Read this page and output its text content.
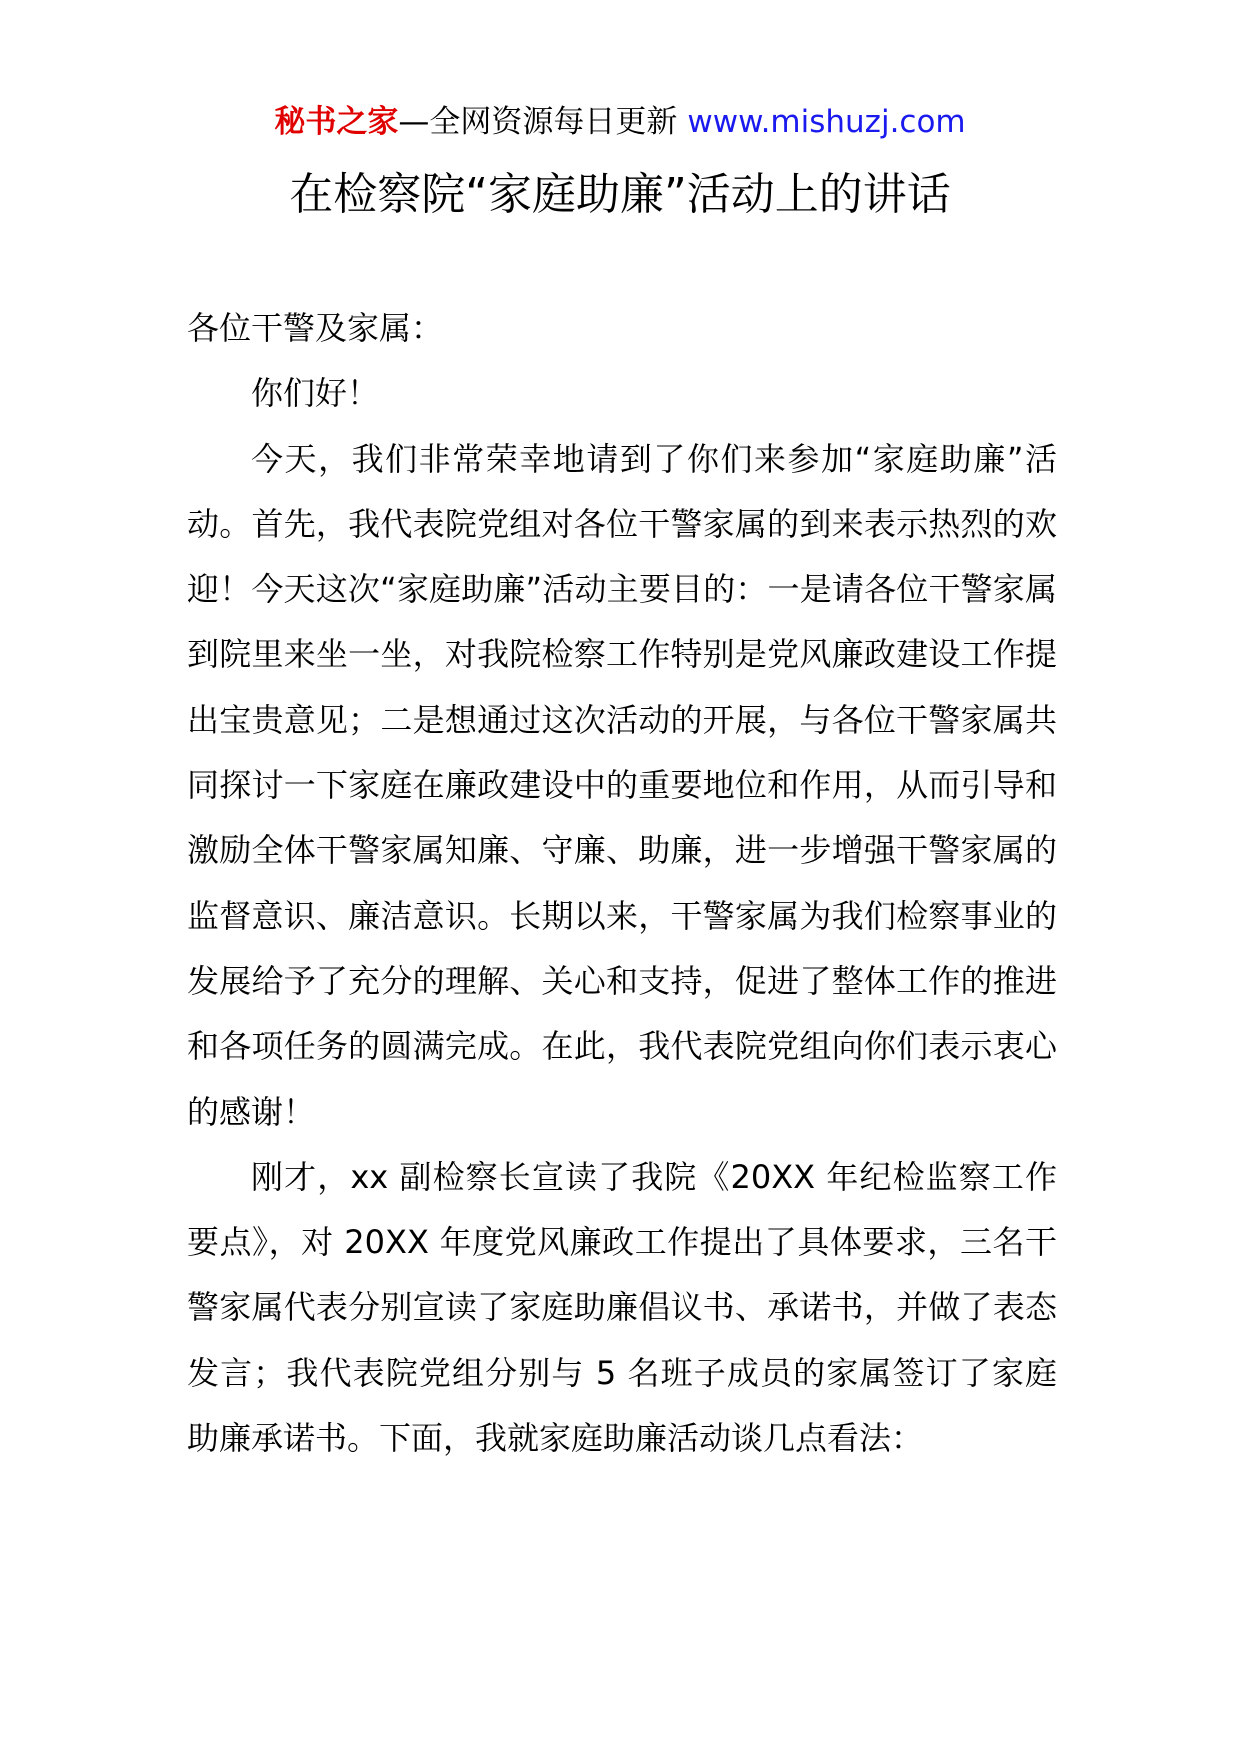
秘书之家—全网资源每日更新 www.mishuzj.com
在检察院“家庭助廉”活动上的讲话

各位干警及家属：

你们好！

今天，我们非常荣幸地请到了你们来参加“家庭助廉”活动。首先，我代表院党组对各位干警家属的到来表示热烈的欢迎！今天这次“家庭助廉”活动主要目的：一是请各位干警家属到院里来坐一坐，对我院检察工作特别是党风廉政建设工作提出宝贵意见；二是想通过这次活动的开展，与各位干警家属共同探讨一下家庭在廉政建设中的重要地位和作用，从而引导和激励全体干警家属知廉、守廉、助廉，进一步增强干警家属的监督意识、廉洁意识。长期以来，干警家属为我们检察事业的发展给予了充分的理解、关心和支持，促进了整体工作的推进和各项任务的圆满完成。在此，我代表院党组向你们表示衷心的感谢！

刚才，xx 副检察长宣读了我院《20XX 年纪检监察工作要点》，对 20XX 年度党风廉政工作提出了具体要求，三名干警家属代表分别宣读了家庭助廉倡议书、承诺书，并做了表态发言；我代表院党组分别与 5 名班子成员的家属签订了家庭助廉承诺书。下面，我就家庭助廉活动谈几点看法：
